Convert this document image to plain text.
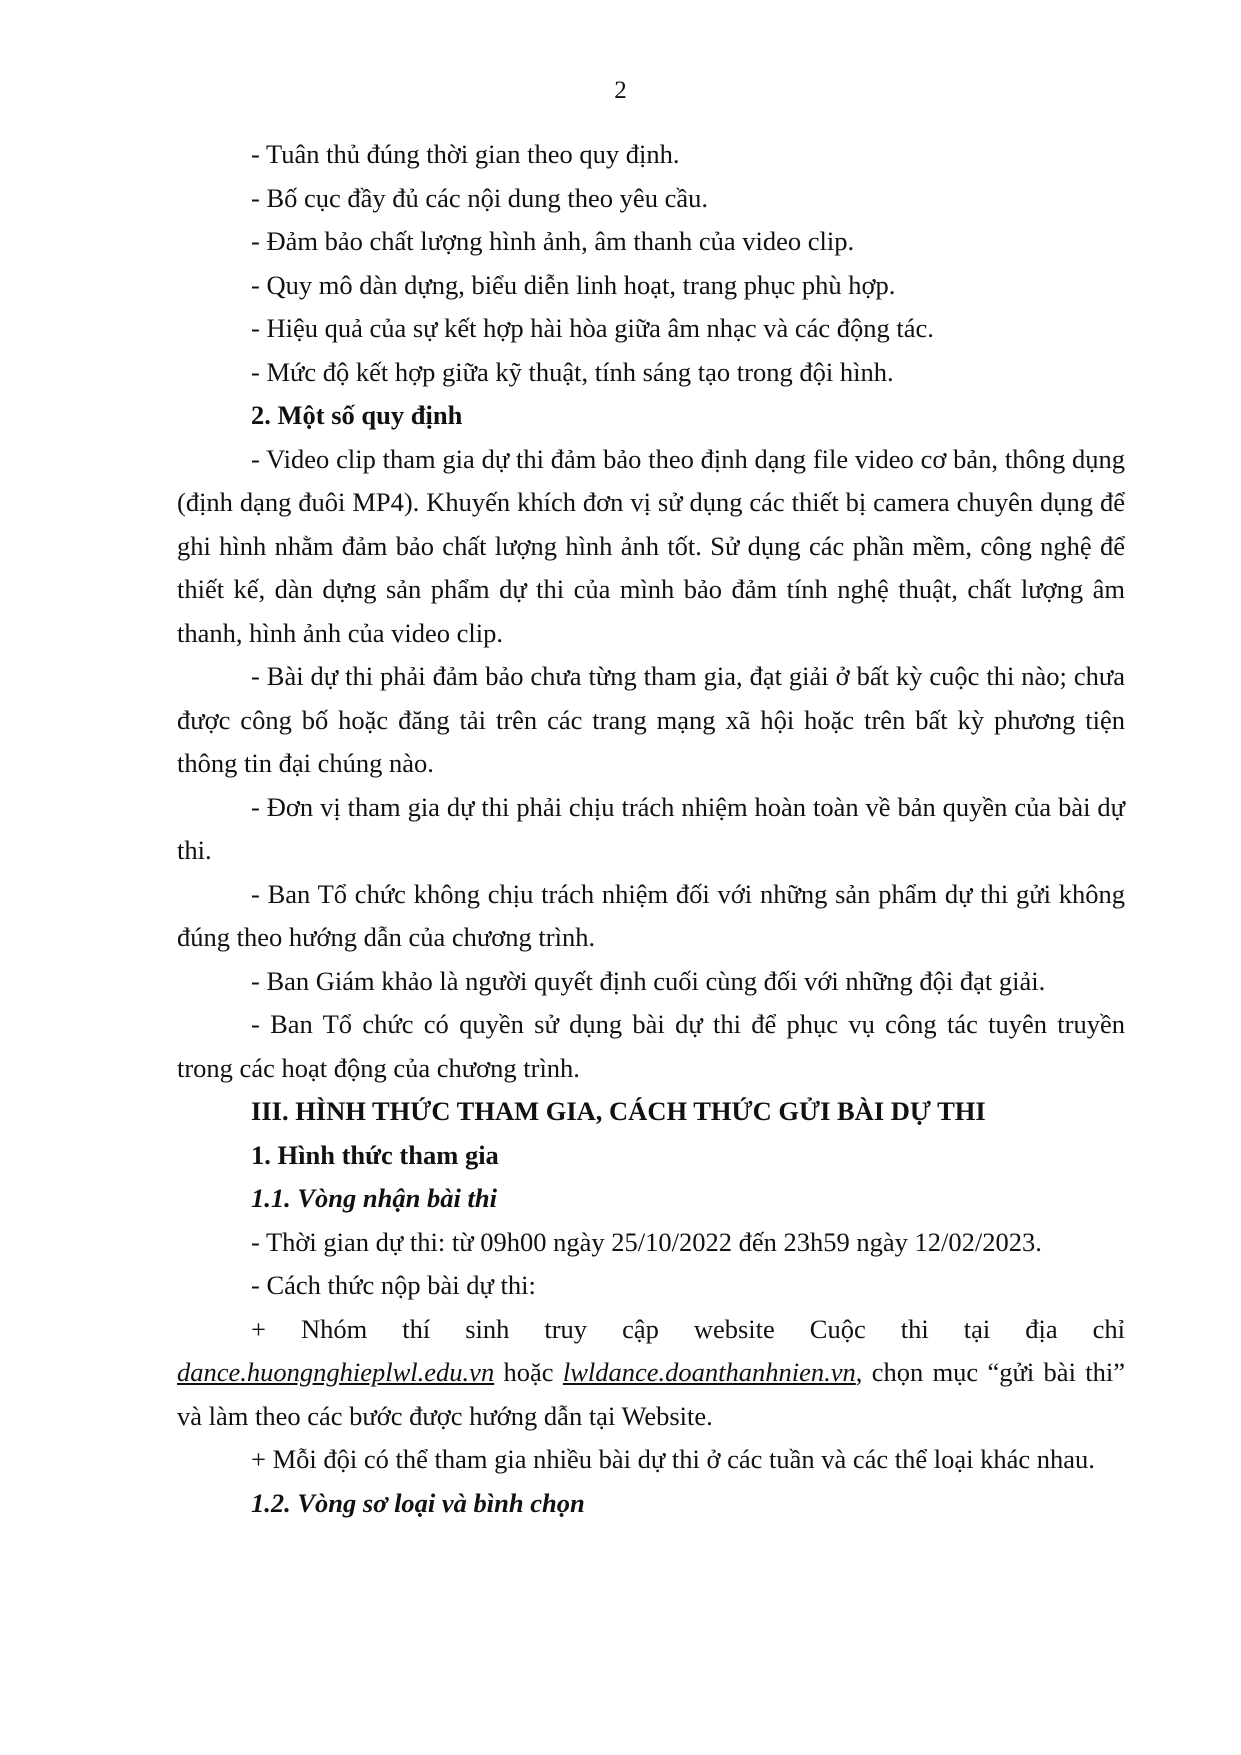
2

- Tuân thủ đúng thời gian theo quy định.

- Bố cục đầy đủ các nội dung theo yêu cầu.

- Đảm bảo chất lượng hình ảnh, âm thanh của video clip.

- Quy mô dàn dựng, biểu diễn linh hoạt, trang phục phù hợp.

- Hiệu quả của sự kết hợp hài hòa giữa âm nhạc và các động tác.

- Mức độ kết hợp giữa kỹ thuật, tính sáng tạo trong đội hình.

2. Một số quy định

- Video clip tham gia dự thi đảm bảo theo định dạng file video cơ bản, thông dụng (định dạng đuôi MP4). Khuyến khích đơn vị sử dụng các thiết bị camera chuyên dụng để ghi hình nhằm đảm bảo chất lượng hình ảnh tốt. Sử dụng các phần mềm, công nghệ để thiết kế, dàn dựng sản phẩm dự thi của mình bảo đảm tính nghệ thuật, chất lượng âm thanh, hình ảnh của video clip.

- Bài dự thi phải đảm bảo chưa từng tham gia, đạt giải ở bất kỳ cuộc thi nào; chưa được công bố hoặc đăng tải trên các trang mạng xã hội hoặc trên bất kỳ phương tiện thông tin đại chúng nào.

- Đơn vị tham gia dự thi phải chịu trách nhiệm hoàn toàn về bản quyền của bài dự thi.

- Ban Tổ chức không chịu trách nhiệm đối với những sản phẩm dự thi gửi không đúng theo hướng dẫn của chương trình.

- Ban Giám khảo là người quyết định cuối cùng đối với những đội đạt giải.

- Ban Tổ chức có quyền sử dụng bài dự thi để phục vụ công tác tuyên truyền trong các hoạt động của chương trình.

III. HÌNH THỨC THAM GIA, CÁCH THỨC GỬI BÀI DỰ THI

1. Hình thức tham gia

1.1. Vòng nhận bài thi

- Thời gian dự thi: từ 09h00 ngày 25/10/2022 đến 23h59 ngày 12/02/2023.

- Cách thức nộp bài dự thi:

+ Nhóm thí sinh truy cập website Cuộc thi tại địa chỉ

dance.huongnghieplwl.edu.vn hoặc lwldance.doanthanhnien.vn, chọn mục “gửi bài thi” và làm theo các bước được hướng dẫn tại Website.

+ Mỗi đội có thể tham gia nhiều bài dự thi ở các tuần và các thể loại khác nhau.

1.2. Vòng sơ loại và bình chọn
